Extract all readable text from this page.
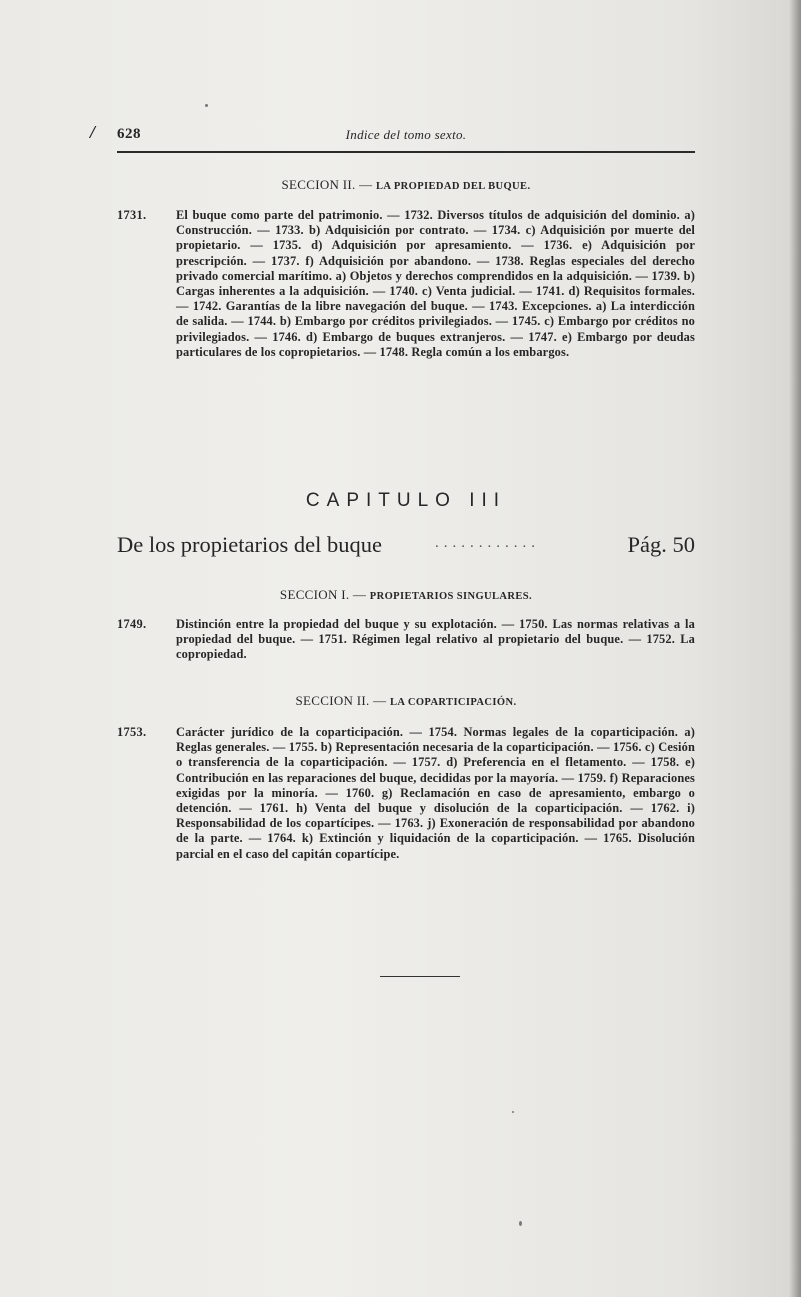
/ 628	Indice del tomo sexto.
SECCION II. — LA PROPIEDAD DEL BUQUE.
1731.	El buque como parte del patrimonio. — 1732. Diversos títulos de adquisición del dominio. a) Construcción. — 1733. b) Adquisición por contrato. — 1734. c) Adquisición por muerte del propietario. — 1735. d) Adquisición por apresamiento. — 1736. e) Adquisición por prescripción. — 1737. f) Adquisición por abandono. — 1738. Reglas especiales del derecho privado comercial marítimo. a) Objetos y derechos comprendidos en la adquisición. — 1739. b) Cargas inherentes a la adquisición. — 1740. c) Venta judicial. — 1741. d) Requisitos formales. — 1742. Garantías de la libre navegación del buque. — 1743. Excepciones. a) La interdicción de salida. — 1744. b) Embargo por créditos privilegiados. — 1745. c) Embargo por créditos no privilegiados. — 1746. d) Embargo de buques extranjeros. — 1747. e) Embargo por deudas particulares de los copropietarios. — 1748. Regla común a los embargos.
CAPITULO III
De los propietarios del buque	............	Pág. 50
SECCION I. — PROPIETARIOS SINGULARES.
1749.	Distinción entre la propiedad del buque y su explotación. — 1750. Las normas relativas a la propiedad del buque. — 1751. Régimen legal relativo al propietario del buque. — 1752. La copropiedad.
SECCION II. — LA COPARTICIPACIÓN.
1753.	Carácter jurídico de la coparticipación. — 1754. Normas legales de la coparticipación. a) Reglas generales. — 1755. b) Representación necesaria de la coparticipación. — 1756. c) Cesión o transferencia de la coparticipación. — 1757. d) Preferencia en el fletamento. — 1758. e) Contribución en las reparaciones del buque, decididas por la mayoría. — 1759. f) Reparaciones exigidas por la minoría. — 1760. g) Reclamación en caso de apresamiento, embargo o detención. — 1761. h) Venta del buque y disolución de la coparticipación. — 1762. i) Responsabilidad de los copartícipes. — 1763. j) Exoneración de responsabilidad por abandono de la parte. — 1764. k) Extinción y liquidación de la coparticipación. — 1765. Disolución parcial en el caso del capitán copartícipe.
